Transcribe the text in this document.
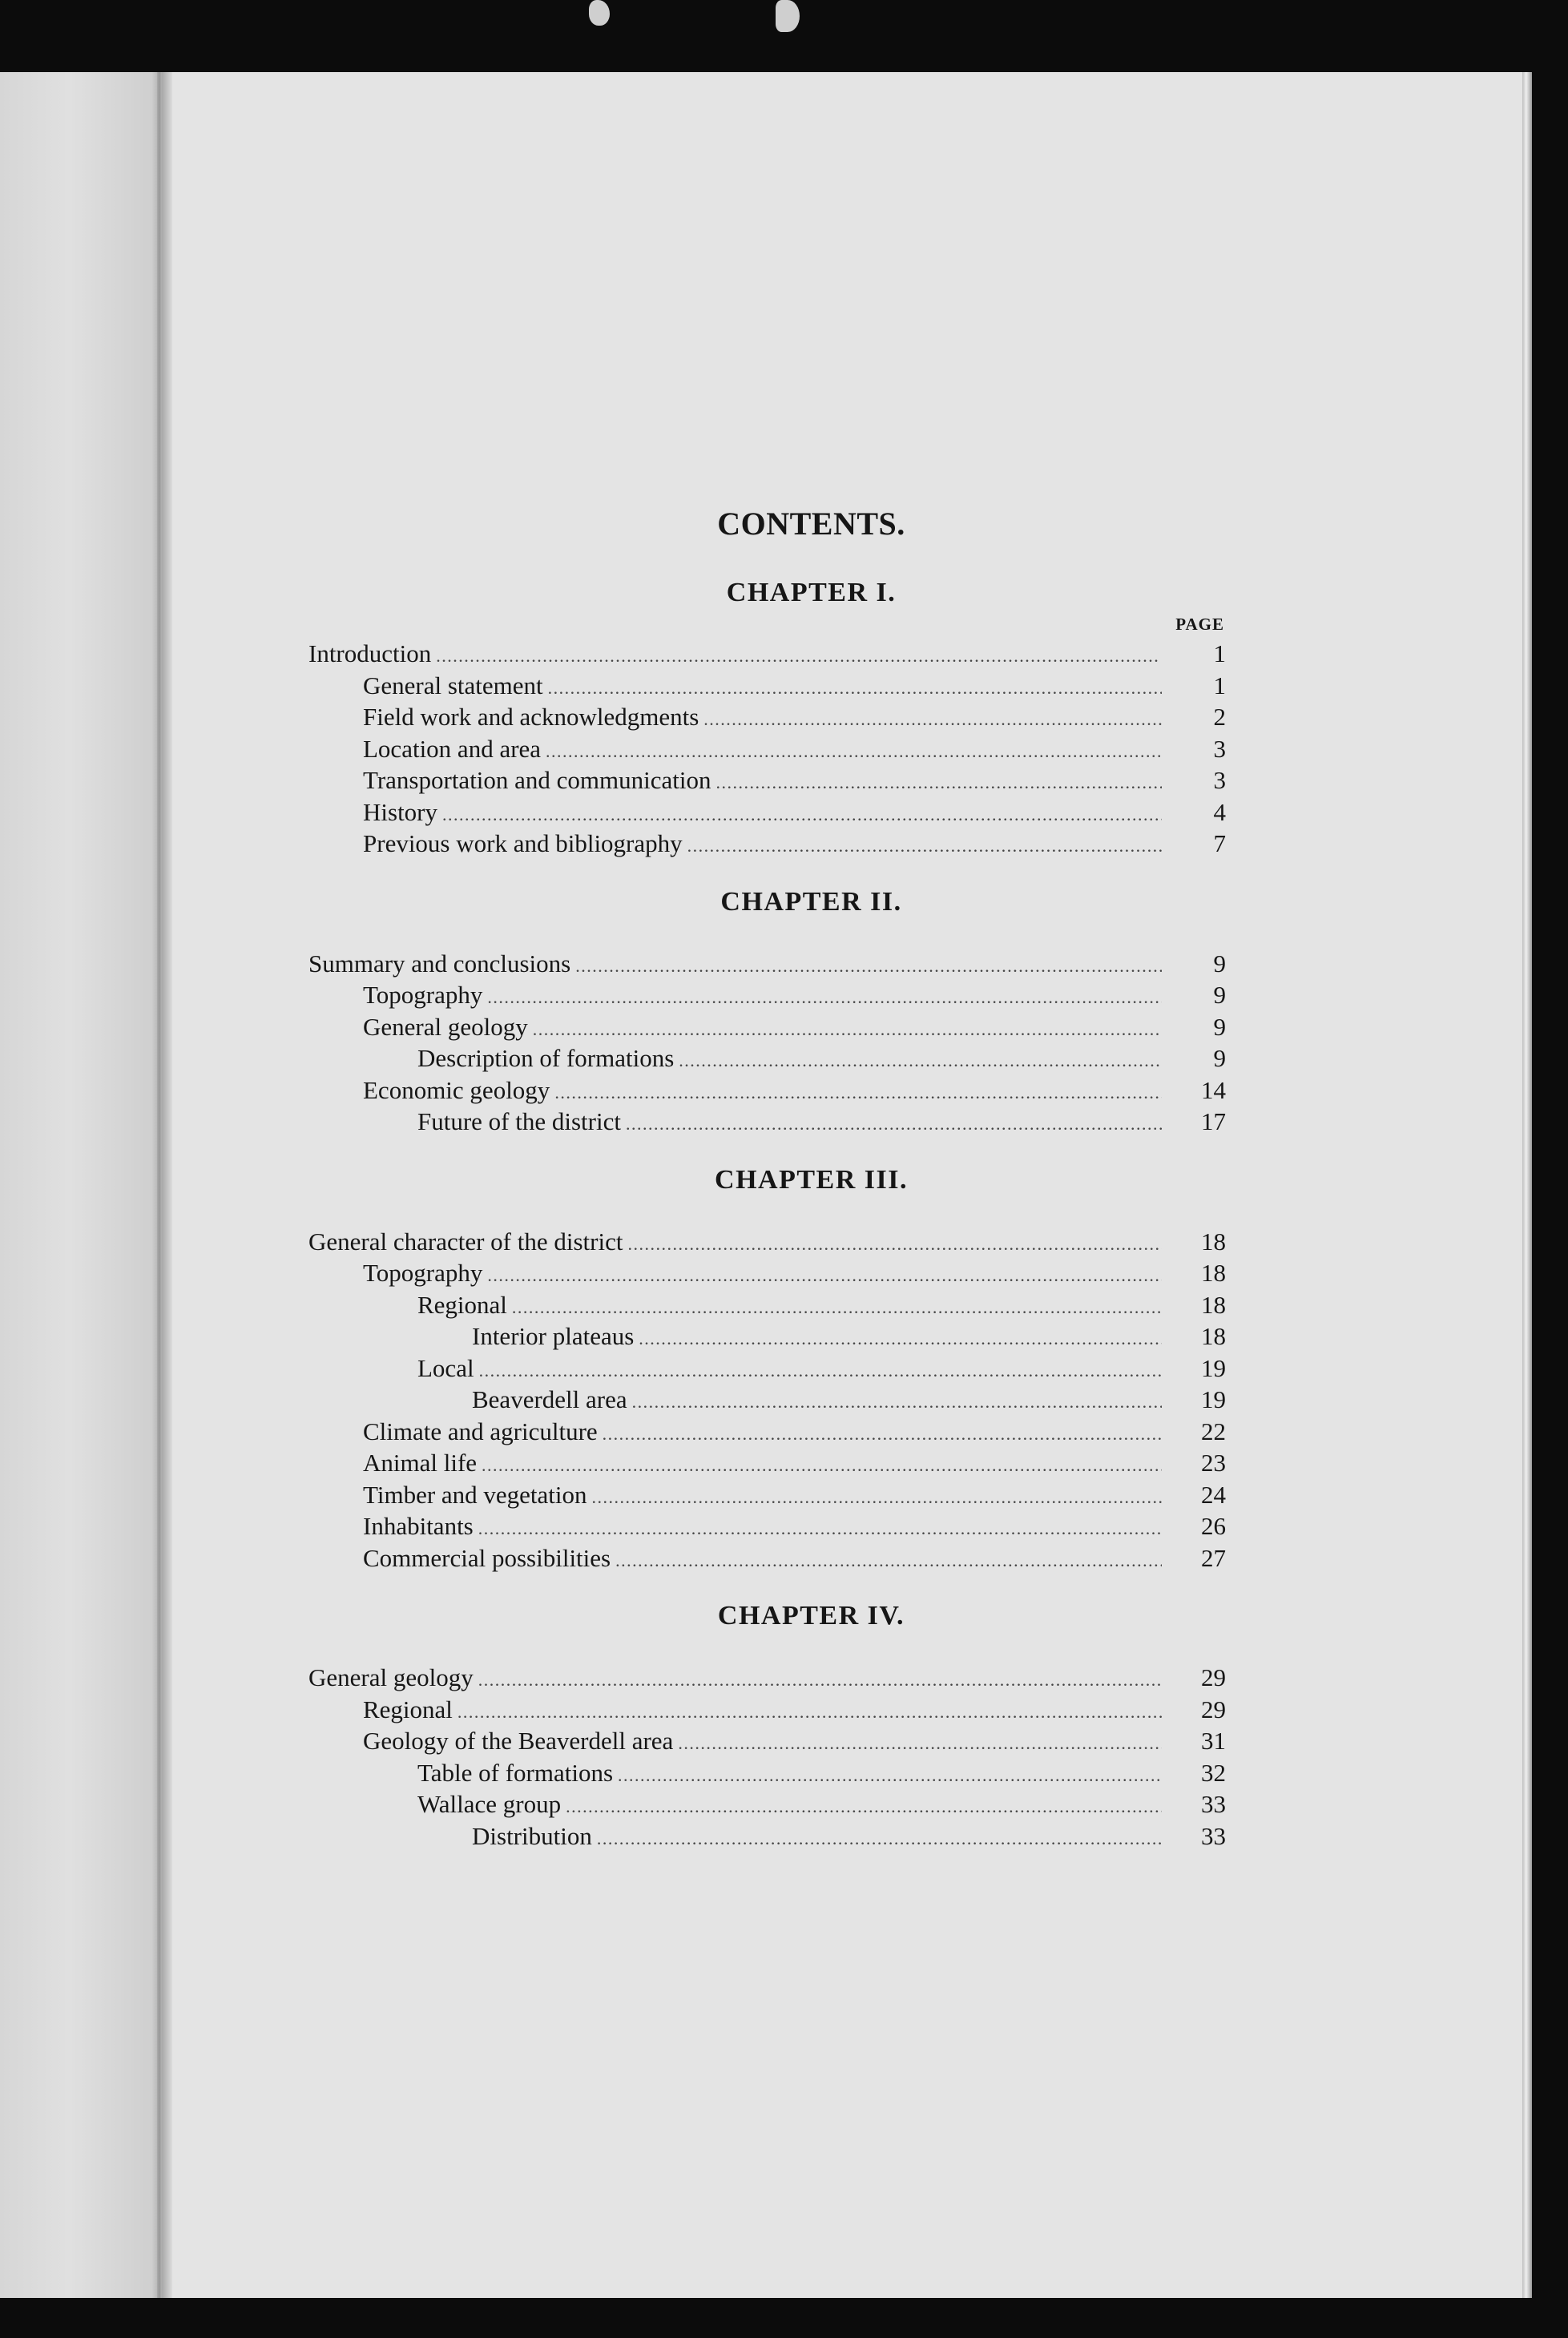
CONTENTS.
CHAPTER I.
PAGE
Introduction . . .	1
General statement . . .	1
Field work and acknowledgments . . .	2
Location and area . . .	3
Transportation and communication . . .	3
History . . .	4
Previous work and bibliography . . .	7
CHAPTER II.
Summary and conclusions . . .	9
Topography . . .	9
General geology . . .	9
Description of formations . . .	9
Economic geology . . .	14
Future of the district . . .	17
CHAPTER III.
General character of the district . . .	18
Topography . . .	18
Regional . . .	18
Interior plateaus . . .	18
Local . . .	19
Beaverdell area . . .	19
Climate and agriculture . . .	22
Animal life . . .	23
Timber and vegetation . . .	24
Inhabitants . . .	26
Commercial possibilities . . .	27
CHAPTER IV.
General geology . . .	29
Regional . . .	29
Geology of the Beaverdell area . . .	31
Table of formations . . .	32
Wallace group . . .	33
Distribution . . .	33
